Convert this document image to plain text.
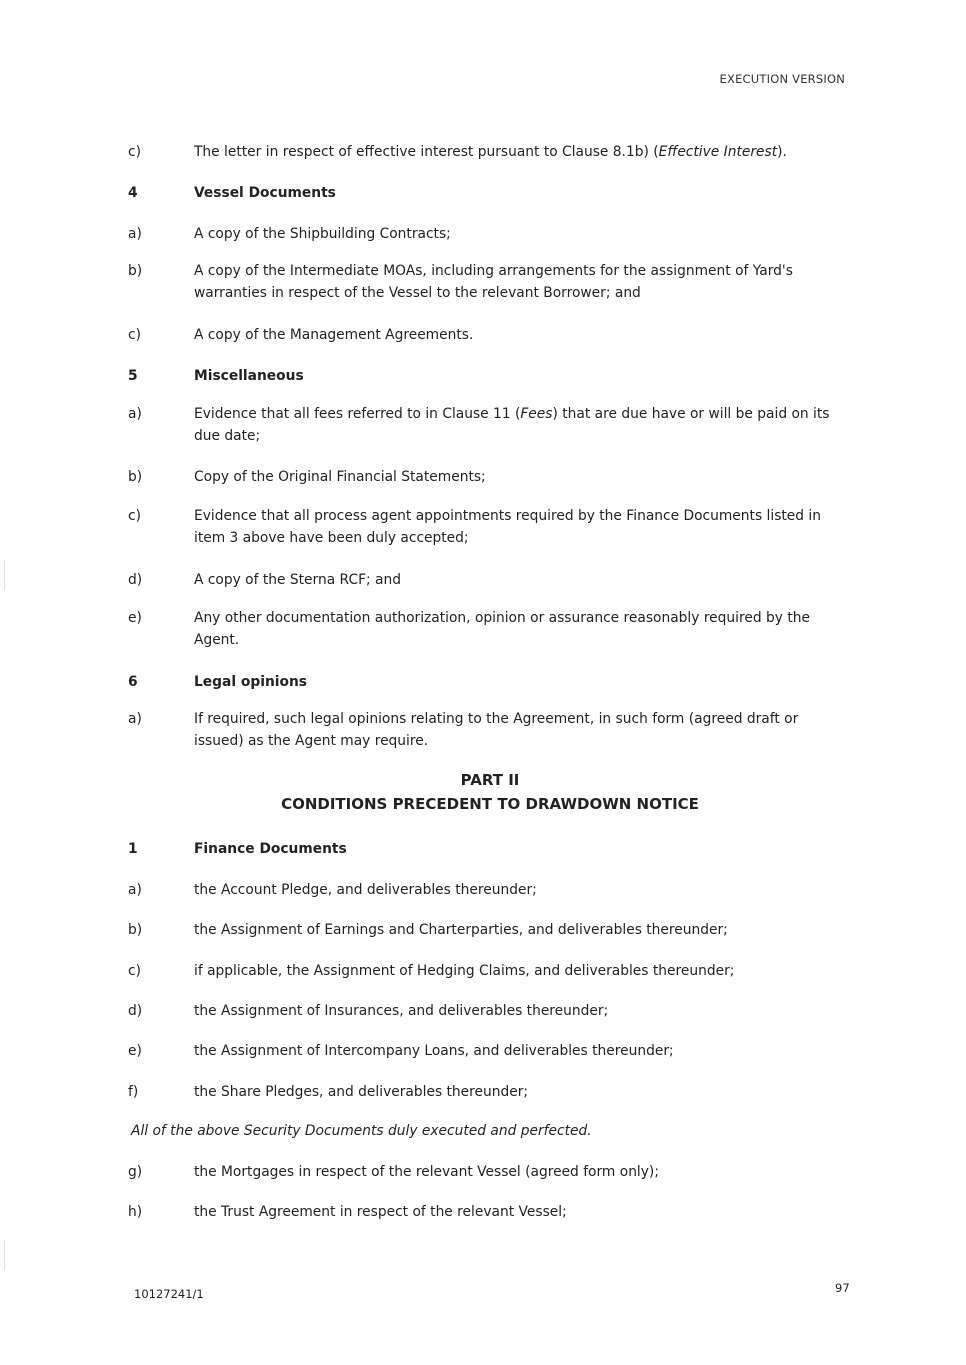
EXECUTION VERSION
c)	The letter in respect of effective interest pursuant to Clause 8.1b) (Effective Interest).
4	Vessel Documents
a)	A copy of the Shipbuilding Contracts;
b)	A copy of the Intermediate MOAs, including arrangements for the assignment of Yard's warranties in respect of the Vessel to the relevant Borrower; and
c)	A copy of the Management Agreements.
5	Miscellaneous
a)	Evidence that all fees referred to in Clause 11 (Fees) that are due have or will be paid on its due date;
b)	Copy of the Original Financial Statements;
c)	Evidence that all process agent appointments required by the Finance Documents listed in item 3 above have been duly accepted;
d)	A copy of the Sterna RCF; and
e)	Any other documentation authorization, opinion or assurance reasonably required by the Agent.
6	Legal opinions
a)	If required, such legal opinions relating to the Agreement, in such form (agreed draft or issued) as the Agent may require.
PART II
CONDITIONS PRECEDENT TO DRAWDOWN NOTICE
1	Finance Documents
a)	the Account Pledge, and deliverables thereunder;
b)	the Assignment of Earnings and Charterparties, and deliverables thereunder;
c)	if applicable, the Assignment of Hedging Claims, and deliverables thereunder;
d)	the Assignment of Insurances, and deliverables thereunder;
e)	the Assignment of Intercompany Loans, and deliverables thereunder;
f)	the Share Pledges, and deliverables thereunder;
All of the above Security Documents duly executed and perfected.
g)	the Mortgages in respect of the relevant Vessel (agreed form only);
h)	the Trust Agreement in respect of the relevant Vessel;
10127241/1	97
